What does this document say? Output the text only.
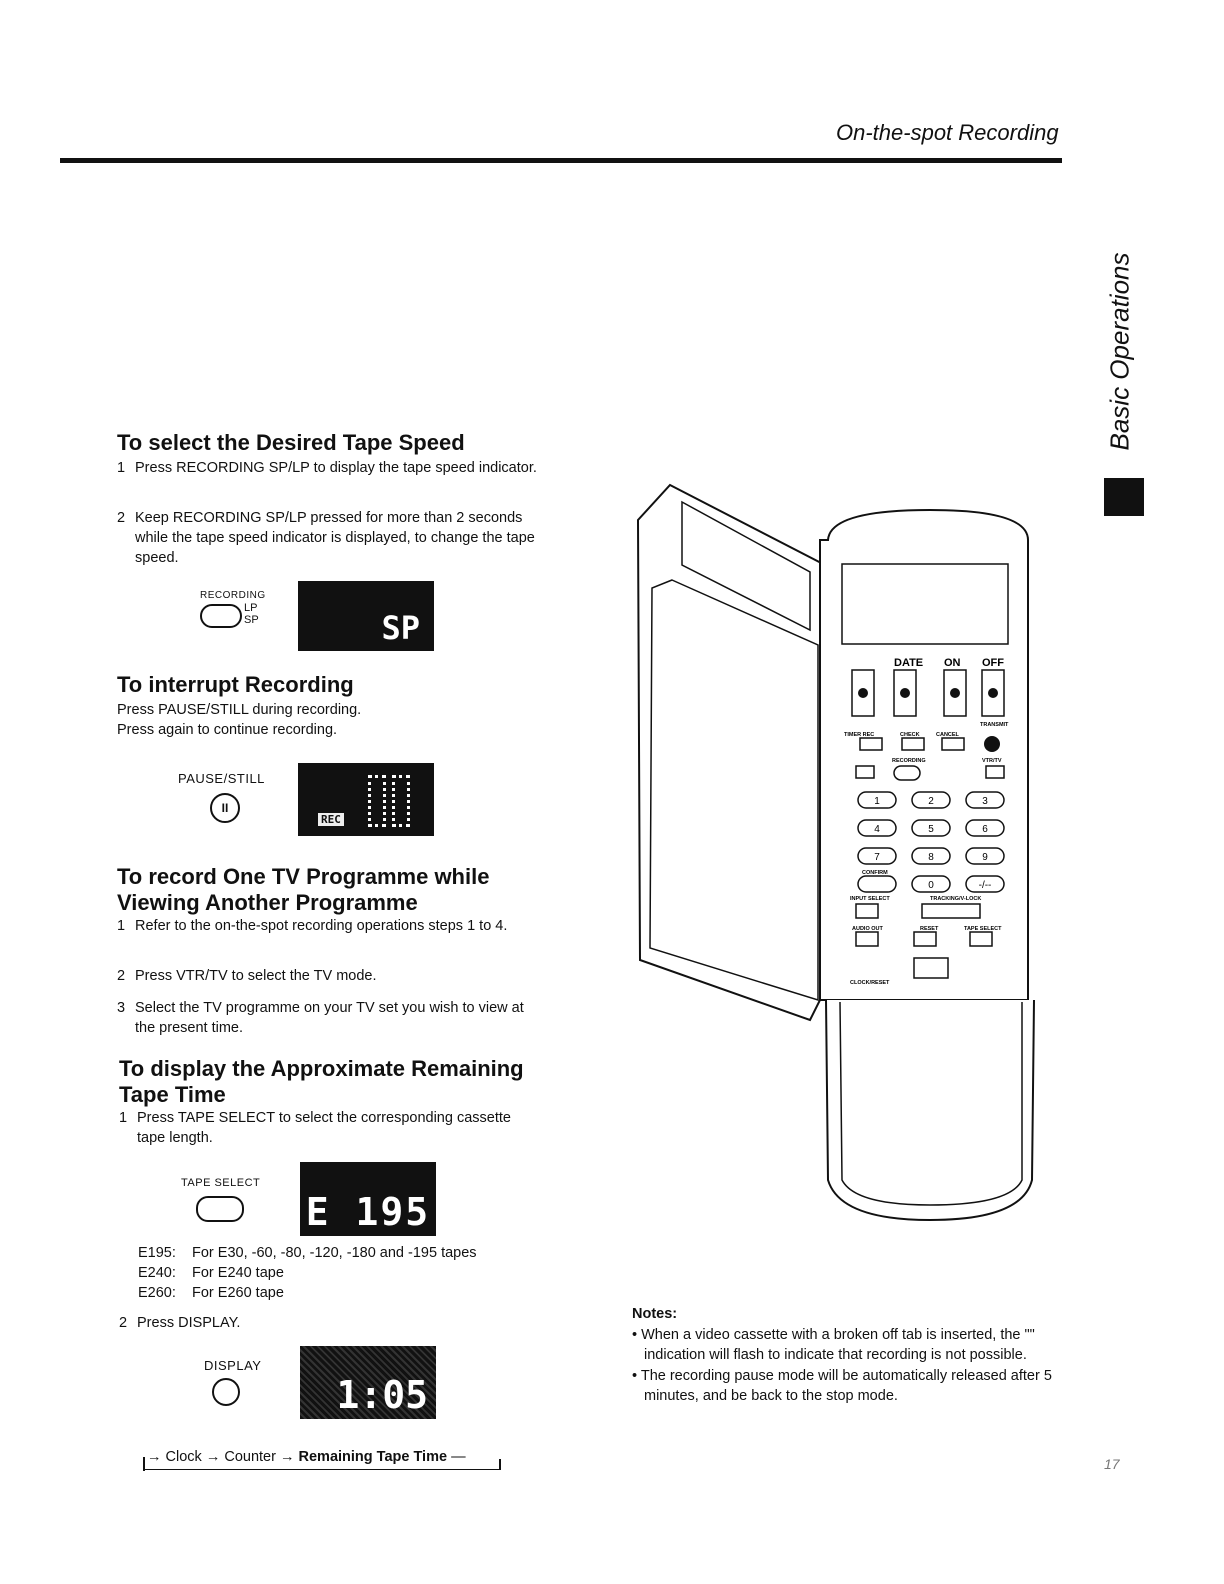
On-the-spot Recording
Basic Operations
To select the Desired Tape Speed
1 Press RECORDING SP/LP to display the tape speed indicator.
2 Keep RECORDING SP/LP pressed for more than 2 seconds while the tape speed indicator is displayed, to change the tape speed.
RECORDING
LP
SP	SP
To interrupt Recording
Press PAUSE/STILL during recording.
Press again to continue recording.
PAUSE/STILL
II
REC
To record One TV Programme while
Viewing Another Programme
1 Refer to the on-the-spot recording operations steps 1 to 4.
2 Press VTR/TV to select the TV mode.
3 Select the TV programme on your TV set you wish to view at the present time.
To display the Approximate Remaining
Tape Time
1 Press TAPE SELECT to select the corresponding cassette tape length.
TAPE SELECT
E 195
E195: For E30, -60, -80, -120, -180 and -195 tapes
E240: For E240 tape
E260: For E260 tape
2 Press DISPLAY.
DISPLAY
1:05
→ Clock → Counter → Remaining Tape Time —
DATE ON OFF
TIMER REC	CHECK	CANCEL
TRANSMIT
RECORDING	VTR/TV
1	2	3
4	5	6
7	8	9
0	-/--
CONFIRM
INPUT SELECT	TRACKING/V-LOCK
AUDIO OUT	RESET	TAPE SELECT
CLOCK/RESET
Notes:
• When a video cassette with a broken off tab is inserted, the "" indication will flash to indicate that recording is not possible.
• The recording pause mode will be automatically released after 5 minutes, and be back to the stop mode.
17
